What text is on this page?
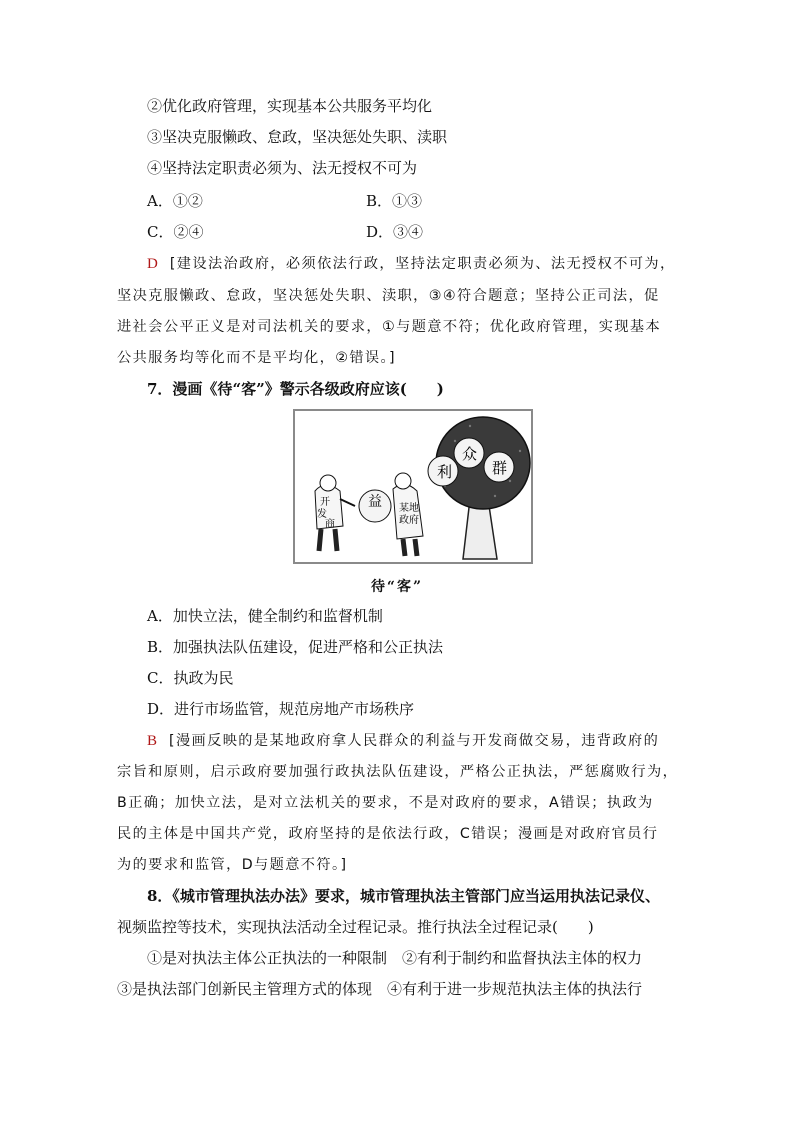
②优化政府管理，实现基本公共服务平均化
③坚决克服懒政、怠政，坚决惩处失职、渎职
④坚持法定职责必须为、法无授权不可为
A．①②	B．①③
C．②④	D．③④
D [建设法治政府，必须依法行政，坚持法定职责必须为、法无授权不可为，
坚决克服懒政、怠政，坚决惩处失职、渎职，③④符合题意；坚持公正司法，促
进社会公平正义是对司法机关的要求，①与题意不符；优化政府管理，实现基本
公共服务均等化而不是平均化，②错误。]
7．漫画《待“客”》警示各级政府应该(　　)
利
众
群
开
发
商
某地
政府
益
待“客”
A．加快立法，健全制约和监督机制
B．加强执法队伍建设，促进严格和公正执法
C．执政为民
D．进行市场监管，规范房地产市场秩序
B [漫画反映的是某地政府拿人民群众的利益与开发商做交易，违背政府的
宗旨和原则，启示政府要加强行政执法队伍建设，严格公正执法，严惩腐败行为，
B正确；加快立法，是对立法机关的要求，不是对政府的要求，A错误；执政为
民的主体是中国共产党，政府坚持的是依法行政，C错误；漫画是对政府官员行
为的要求和监管，D与题意不符。]
8．《城市管理执法办法》要求，城市管理执法主管部门应当运用执法记录仪、
视频监控等技术，实现执法活动全过程记录。推行执法全过程记录(　　)
①是对执法主体公正执法的一种限制　②有利于制约和监督执法主体的权力
③是执法部门创新民主管理方式的体现　④有利于进一步规范执法主体的执法行
